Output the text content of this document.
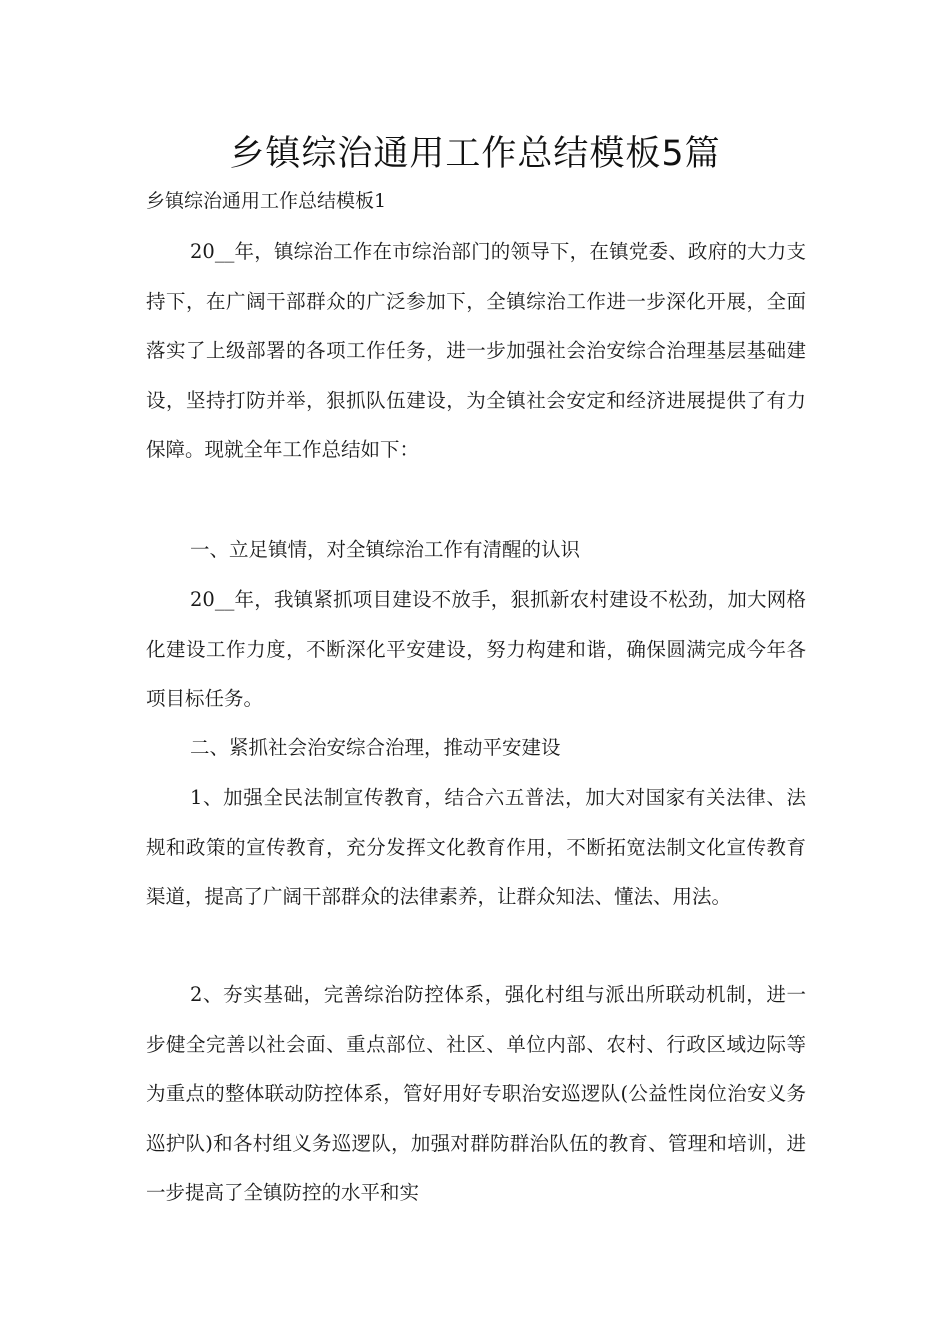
乡镇综治通用工作总结模板5篇
乡镇综治通用工作总结模板1

20__年，镇综治工作在市综治部门的领导下，在镇党委、政府的大力支持下，在广阔干部群众的广泛参加下，全镇综治工作进一步深化开展，全面落实了上级部署的各项工作任务，进一步加强社会治安综合治理基层基础建设，坚持打防并举，狠抓队伍建设，为全镇社会安定和经济进展提供了有力保障。现就全年工作总结如下：

一、立足镇情，对全镇综治工作有清醒的认识

20__年，我镇紧抓项目建设不放手，狠抓新农村建设不松劲，加大网格化建设工作力度，不断深化平安建设，努力构建和谐，确保圆满完成今年各项目标任务。

二、紧抓社会治安综合治理，推动平安建设

1、加强全民法制宣传教育，结合六五普法，加大对国家有关法律、法规和政策的宣传教育，充分发挥文化教育作用，不断拓宽法制文化宣传教育渠道，提高了广阔干部群众的法律素养，让群众知法、懂法、用法。

2、夯实基础，完善综治防控体系，强化村组与派出所联动机制，进一步健全完善以社会面、重点部位、社区、单位内部、农村、行政区域边际等为重点的整体联动防控体系，管好用好专职治安巡逻队(公益性岗位治安义务巡护队)和各村组义务巡逻队，加强对群防群治队伍的教育、管理和培训，进一步提高了全镇防控的水平和实
